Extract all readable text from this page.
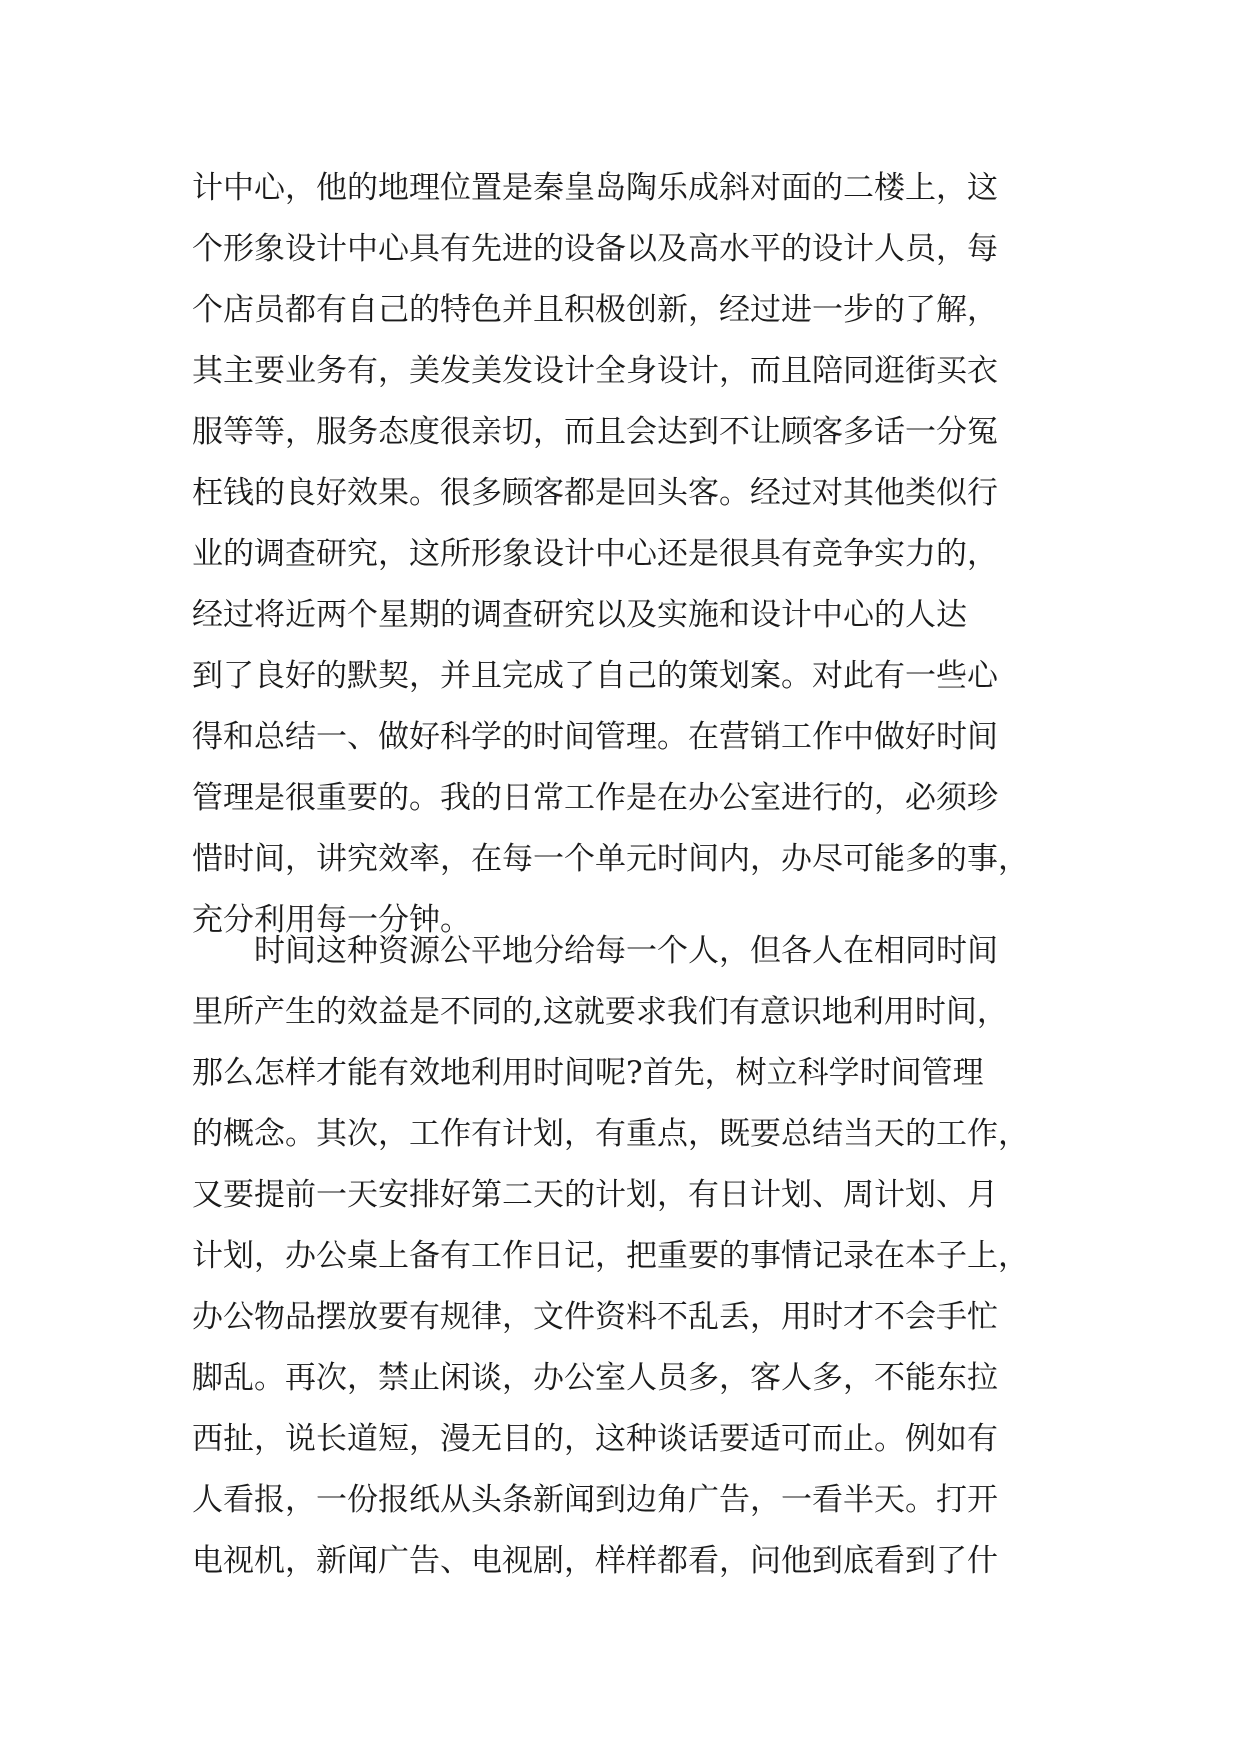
计中心，他的地理位置是秦皇岛陶乐成斜对面的二楼上，这
个形象设计中心具有先进的设备以及高水平的设计人员，每
个店员都有自己的特色并且积极创新，经过进一步的了解，
其主要业务有，美发美发设计全身设计，而且陪同逛街买衣
服等等，服务态度很亲切，而且会达到不让顾客多话一分冤
枉钱的良好效果。很多顾客都是回头客。经过对其他类似行
业的调查研究，这所形象设计中心还是很具有竞争实力的，
经过将近两个星期的调查研究以及实施和设计中心的人达
到了良好的默契，并且完成了自己的策划案。对此有一些心
得和总结一、做好科学的时间管理。在营销工作中做好时间
管理是很重要的。我的日常工作是在办公室进行的，必须珍
惜时间，讲究效率，在每一个单元时间内，办尽可能多的事，
充分利用每一分钟。
　　时间这种资源公平地分给每一个人，但各人在相同时间
里所产生的效益是不同的,这就要求我们有意识地利用时间，
那么怎样才能有效地利用时间呢?首先，树立科学时间管理
的概念。其次，工作有计划，有重点，既要总结当天的工作，
又要提前一天安排好第二天的计划，有日计划、周计划、月
计划，办公桌上备有工作日记，把重要的事情记录在本子上，
办公物品摆放要有规律，文件资料不乱丢，用时才不会手忙
脚乱。再次，禁止闲谈，办公室人员多，客人多，不能东拉
西扯，说长道短，漫无目的，这种谈话要适可而止。例如有
人看报，一份报纸从头条新闻到边角广告，一看半天。打开
电视机，新闻广告、电视剧，样样都看，问他到底看到了什
